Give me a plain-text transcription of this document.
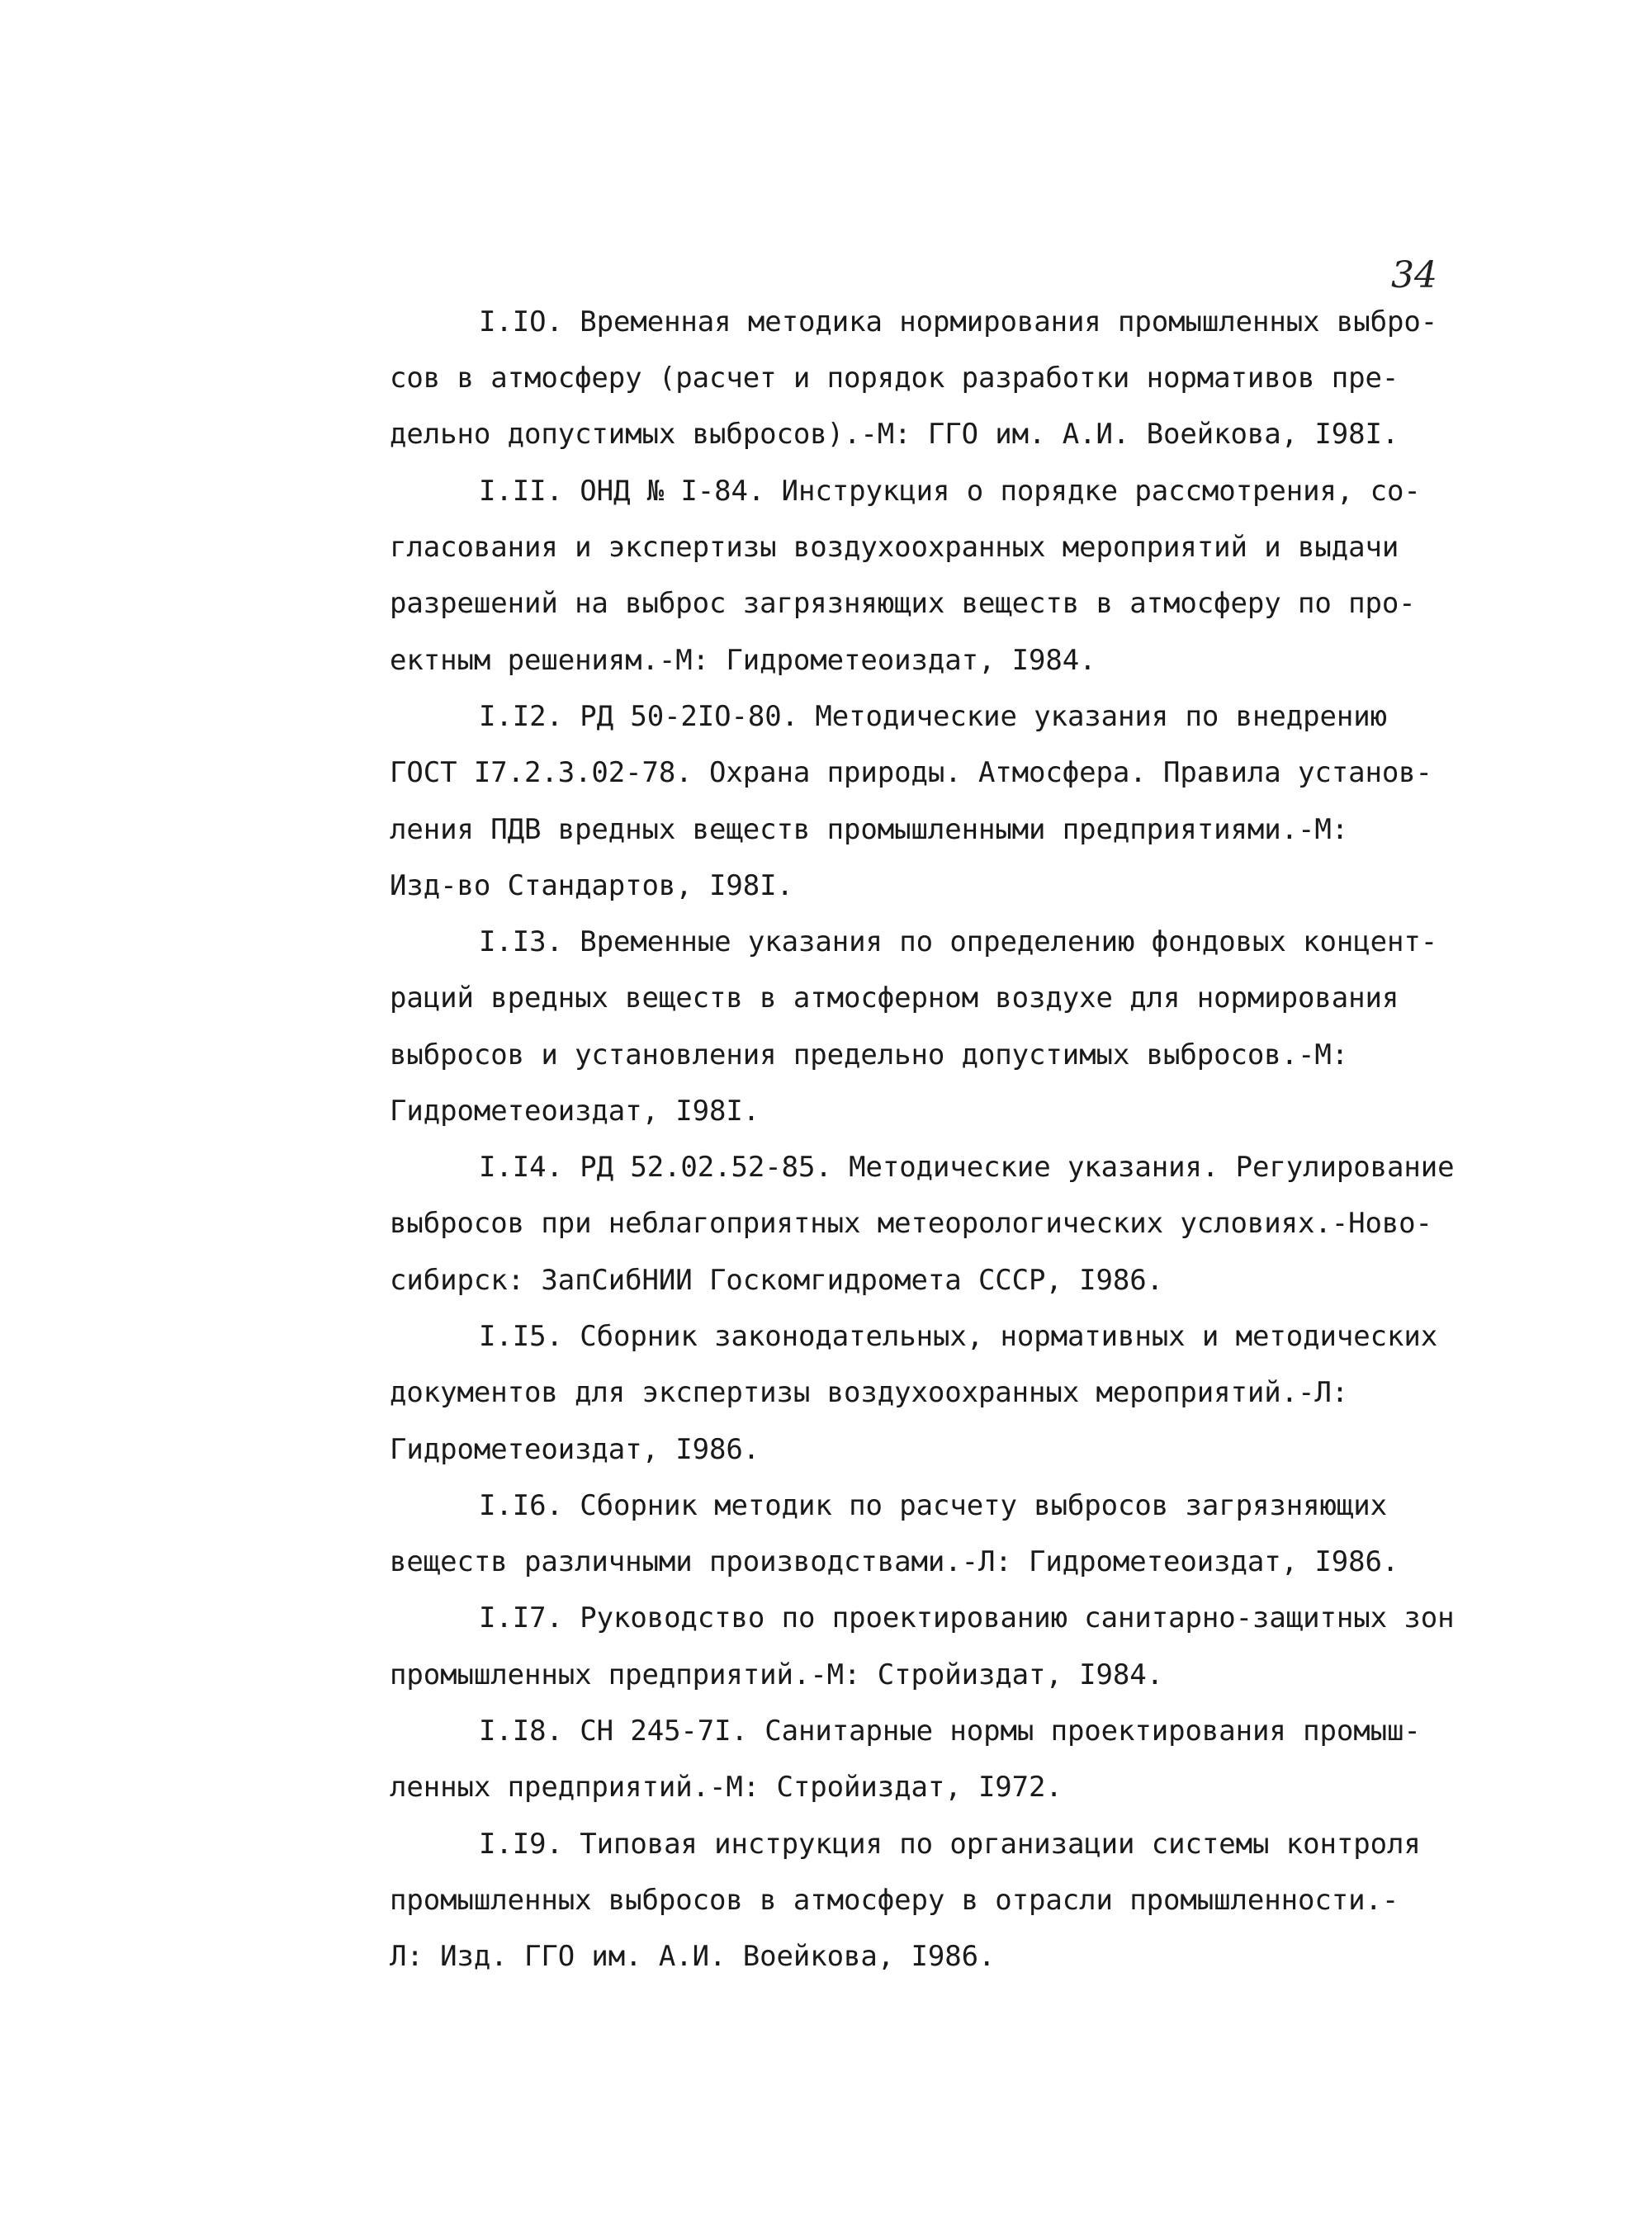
34
I.IO. Временная методика нормирования промышленных выбро-
сов в атмосферу (расчет и порядок разработки нормативов пре-
дельно допустимых выбросов).-М: ГГО им. А.И. Воейкова, I98I.
I.II. ОНД № I-84. Инструкция о порядке рассмотрения, со-
гласования и экспертизы воздухоохранных мероприятий и выдачи
разрешений на выброс загрязняющих веществ в атмосферу по про-
ектным решениям.-М: Гидрометеоиздат, I984.
I.I2. РД 50-2IO-80. Методические указания по внедрению
ГОСТ I7.2.3.02-78. Охрана природы. Атмосфера. Правила установ-
ления ПДВ вредных веществ промышленными предприятиями.-М:
Изд-во Стандартов, I98I.
I.I3. Временные указания по определению фондовых концент-
раций вредных веществ в атмосферном воздухе для нормирования
выбросов и установления предельно допустимых выбросов.-М:
Гидрометеоиздат, I98I.
I.I4. РД 52.02.52-85. Методические указания. Регулирование
выбросов при неблагоприятных метеорологических условиях.-Ново-
сибирск: ЗапСибНИИ Госкомгидромета СССР, I986.
I.I5. Сборник законодательных, нормативных и методических
документов для экспертизы воздухоохранных мероприятий.-Л:
Гидрометеоиздат, I986.
I.I6. Сборник методик по расчету выбросов загрязняющих
веществ различными производствами.-Л: Гидрометеоиздат, I986.
I.I7. Руководство по проектированию санитарно-защитных зон
промышленных предприятий.-М: Стройиздат, I984.
I.I8. СН 245-7I. Санитарные нормы проектирования промыш-
ленных предприятий.-М: Стройиздат, I972.
I.I9. Типовая инструкция по организации системы контроля
промышленных выбросов в атмосферу в отрасли промышленности.-
Л: Изд. ГГО им. А.И. Воейкова, I986.
